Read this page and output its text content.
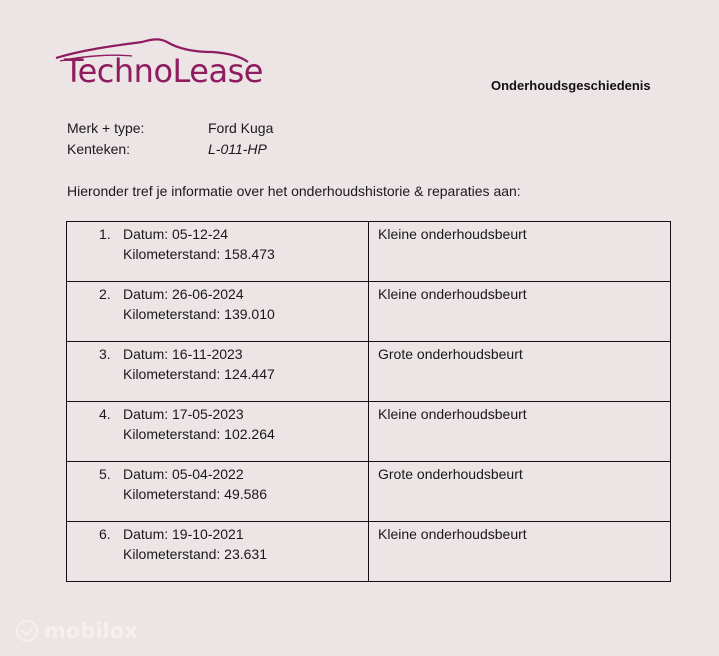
TechnoLease	Onderhoudsgeschiedenis
Merk + type:	Ford Kuga
Kenteken:	L-011-HP
Hieronder tref je informatie over het onderhoudshistorie & reparaties aan:
1. Datum: 05-12-24
Kilometerstand: 158.473	Kleine onderhoudsbeurt

2. Datum: 26-06-2024
Kilometerstand: 139.010	Kleine onderhoudsbeurt

3. Datum: 16-11-2023
Kilometerstand: 124.447	Grote onderhoudsbeurt

4. Datum: 17-05-2023
Kilometerstand: 102.264	Kleine onderhoudsbeurt

5. Datum: 05-04-2022
Kilometerstand: 49.586	Grote onderhoudsbeurt

6. Datum: 19-10-2021
Kilometerstand: 23.631	Kleine onderhoudsbeurt
mobilox
